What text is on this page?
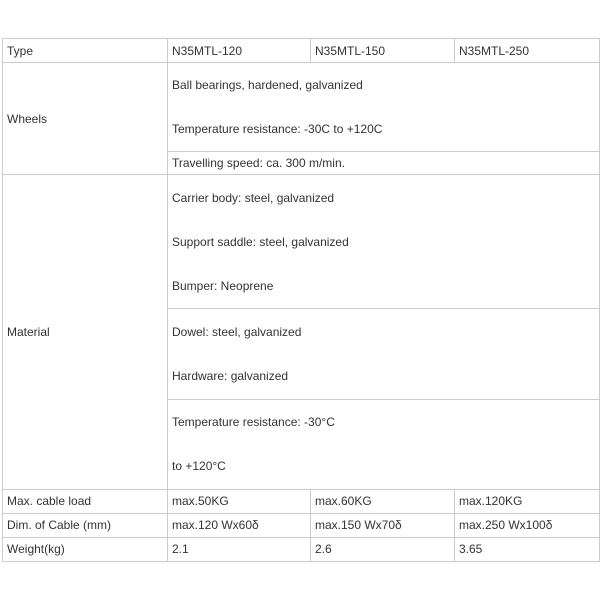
Type	N35MTL-120	N35MTL-150	N35MTL-250
Wheels	Ball bearings, hardened, galvanized
Temperature resistance: -30C to +120C		

	Travelling speed: ca. 300 m/min.		
Material	Carrier body: steel, galvanized
Support saddle: steel, galvanized
Bumper: Neoprene		

	Dowel: steel, galvanized
Hardware: galvanized		

	Temperature resistance: -30°C
to +120°C		

Max. cable load	max.50KG	max.60KG	max.120KG
Dim. of Cable (mm)	max.120 Wx60δ	max.150 Wx70δ	max.250 Wx100δ
Weight(kg)	2.1	2.6	3.65
